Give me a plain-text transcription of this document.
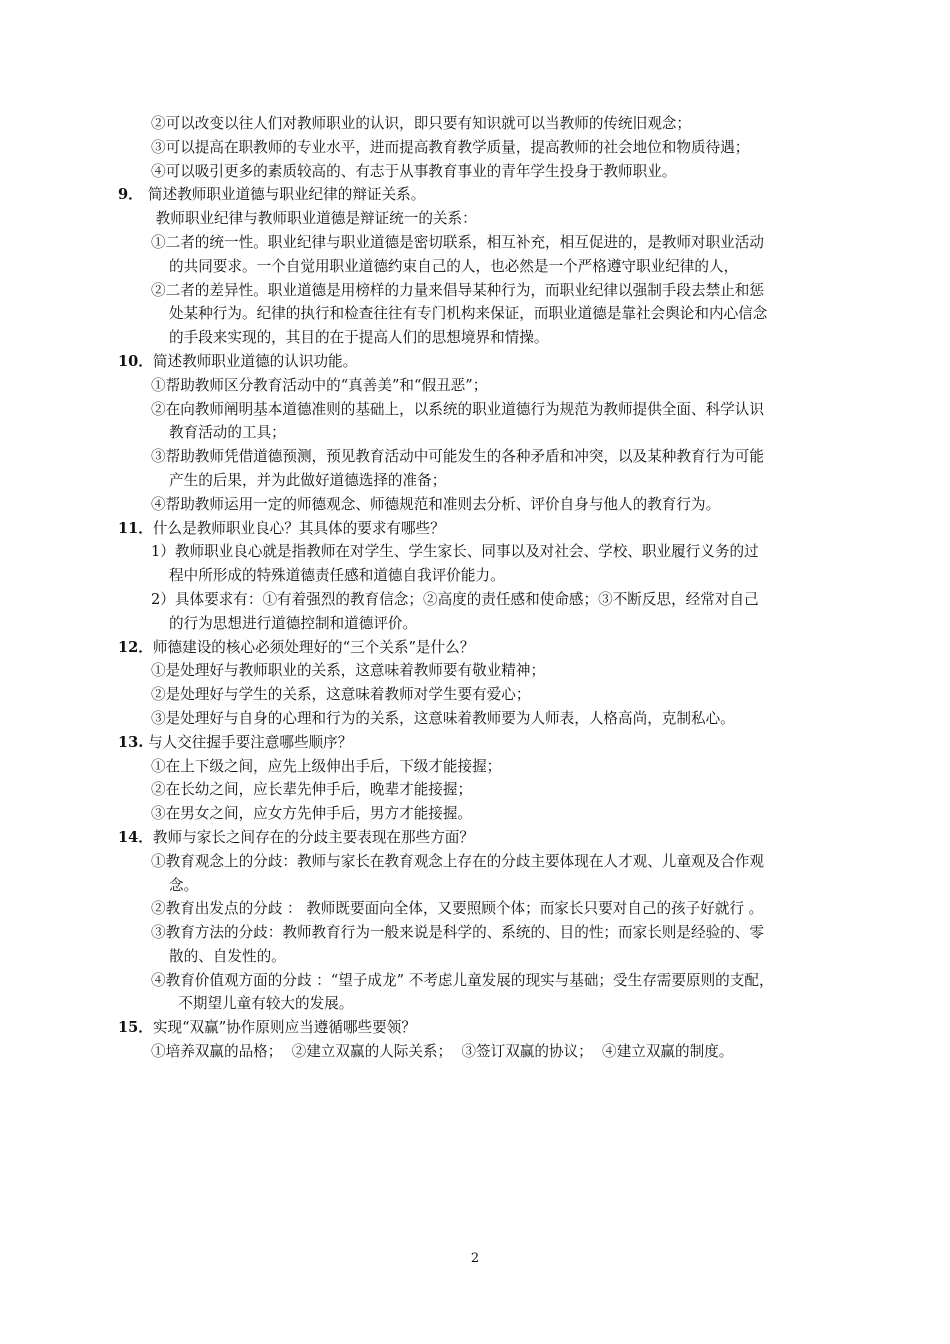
②可以改变以往人们对教师职业的认识，即只要有知识就可以当教师的传统旧观念；
③可以提高在职教师的专业水平，进而提高教育教学质量，提高教师的社会地位和物质待遇；
④可以吸引更多的素质较高的、有志于从事教育事业的青年学生投身于教师职业。
9． 简述教师职业道德与职业纪律的辩证关系。
教师职业纪律与教师职业道德是辩证统一的关系：
①二者的统一性。职业纪律与职业道德是密切联系，相互补充，相互促进的，是教师对职业活动
的共同要求。一个自觉用职业道德约束自己的人，也必然是一个严格遵守职业纪律的人，
②二者的差异性。职业道德是用榜样的力量来倡导某种行为，而职业纪律以强制手段去禁止和惩
处某种行为。纪律的执行和检查往往有专门机构来保证，而职业道德是靠社会舆论和内心信念
的手段来实现的，其目的在于提高人们的思想境界和情操。
10． 简述教师职业道德的认识功能。
①帮助教师区分教育活动中的“真善美”和“假丑恶”；
②在向教师阐明基本道德准则的基础上，以系统的职业道德行为规范为教师提供全面、科学认识
教育活动的工具；
③帮助教师凭借道德预测，预见教育活动中可能发生的各种矛盾和冲突，以及某种教育行为可能
产生的后果，并为此做好道德选择的准备；
④帮助教师运用一定的师德观念、师德规范和准则去分析、评价自身与他人的教育行为。
11． 什么是教师职业良心？其具体的要求有哪些？
1）教师职业良心就是指教师在对学生、学生家长、同事以及对社会、学校、职业履行义务的过
程中所形成的特殊道德责任感和道德自我评价能力。
2）具体要求有：①有着强烈的教育信念；②高度的责任感和使命感；③不断反思，经常对自己
的行为思想进行道德控制和道德评价。
12． 师德建设的核心必须处理好的“三个关系”是什么？
①是处理好与教师职业的关系，这意味着教师要有敬业精神；
②是处理好与学生的关系，这意味着教师对学生要有爱心；
③是处理好与自身的心理和行为的关系，这意味着教师要为人师表，人格高尚，克制私心。
13. 与人交往握手要注意哪些顺序？
①在上下级之间，应先上级伸出手后，下级才能接握；
②在长幼之间，应长辈先伸手后，晚辈才能接握；
③在男女之间，应女方先伸手后，男方才能接握。
14． 教师与家长之间存在的分歧主要表现在那些方面？
①教育观念上的分歧：教师与家长在教育观念上存在的分歧主要体现在人才观、儿童观及合作观
念。
②教育出发点的分歧 ： 教师既要面向全体，又要照顾个体；而家长只要对自己的孩子好就行 。
③教育方法的分歧：教师教育行为一般来说是科学的、系统的、目的性；而家长则是经验的、零
散的、自发性的。
④教育价值观方面的分歧 ：“望子成龙” 不考虑儿童发展的现实与基础；受生存需要原则的支配，
不期望儿童有较大的发展。
15． 实现“双赢”协作原则应当遵循哪些要领？
①培养双赢的品格；  ②建立双赢的人际关系；  ③签订双赢的协议；  ④建立双赢的制度。
2
